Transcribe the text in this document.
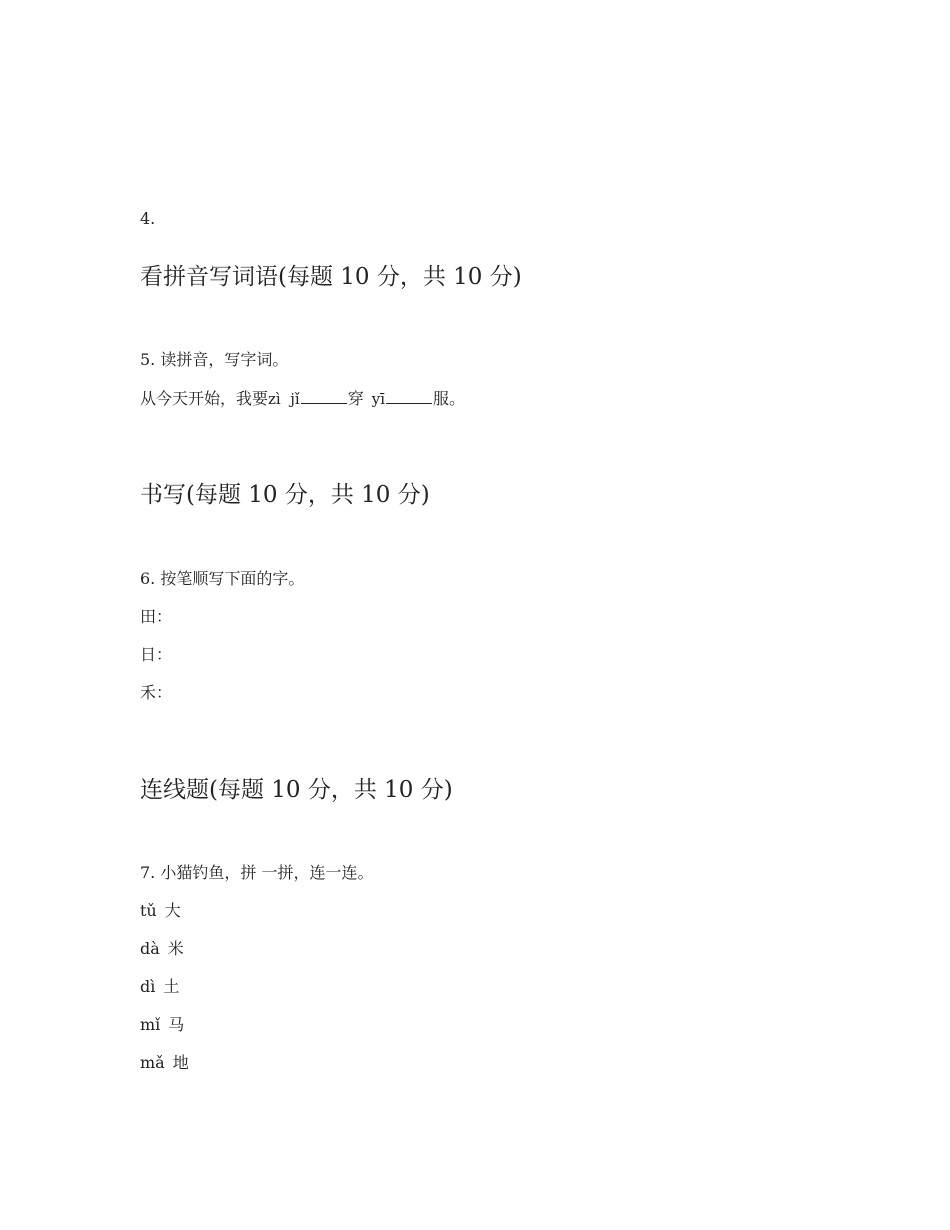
4.
看拼音写词语(每题 10 分，共 10 分)
5. 读拼音，写字词。
从今天开始，我要zì  jǐ	穿 yī	服。
书写(每题 10 分，共 10 分)
6. 按笔顺写下面的字。
田：
日：
禾：
连线题(每题 10 分，共 10 分)
7. 小猫钓鱼，拼 一拼，连一连。
tǔ 大
dà 米
dì 土
mǐ 马
mǎ 地
